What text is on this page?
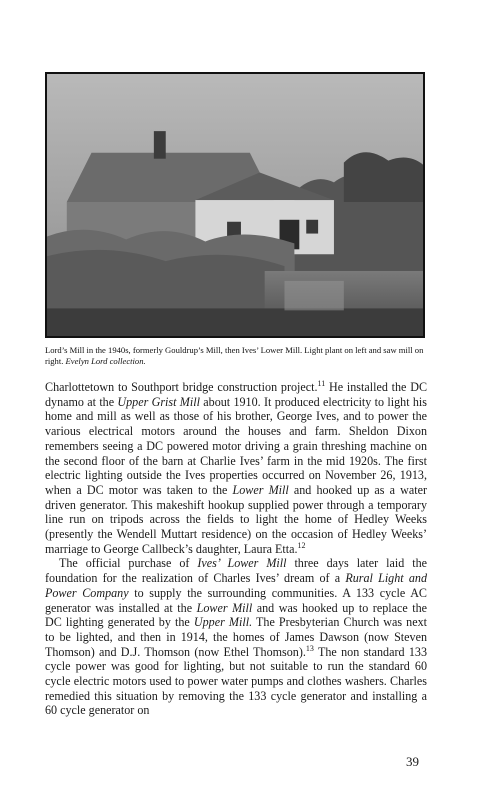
Lord’s Mill in the 1940s, formerly Gouldrup’s Mill, then Ives’ Lower Mill. Light plant on left and saw mill on right. Evelyn Lord collection.

Charlottetown to Southport bridge construction project.$^{11}$ He installed the DC dynamo at the Upper Grist Mill about 1910. It produced electricity to light his home and mill as well as those of his brother, George Ives, and to power the various electrical motors around the houses and farm. Sheldon Dixon remembers seeing a DC powered motor driving a grain threshing machine on the second floor of the barn at Charlie Ives’ farm in the mid 1920s. The first electric lighting outside the Ives properties occurred on November 26, 1913, when a DC motor was taken to the Lower Mill and hooked up as a water driven generator. This makeshift hookup supplied power through a temporary line run on tripods across the fields to light the home of Hedley Weeks (presently the Wendell Muttart residence) on the occasion of Hedley Weeks’ marriage to George Callbeck’s daughter, Laura Etta.$^{12}$

The official purchase of Ives’ Lower Mill three days later laid the foundation for the realization of Charles Ives’ dream of a Rural Light and Power Company to supply the surrounding communities. A 133 cycle AC generator was installed at the Lower Mill and was hooked up to replace the DC lighting generated by the Upper Mill. The Presbyterian Church was next to be lighted, and then in 1914, the homes of James Dawson (now Steven Thomson) and D.J. Thomson (now Ethel Thomson).$^{13}$ The non standard 133 cycle power was good for lighting, but not suitable to run the standard 60 cycle electric motors used to power water pumps and clothes washers. Charles remedied this situation by removing the 133 cycle generator and installing a 60 cycle generator on

39
